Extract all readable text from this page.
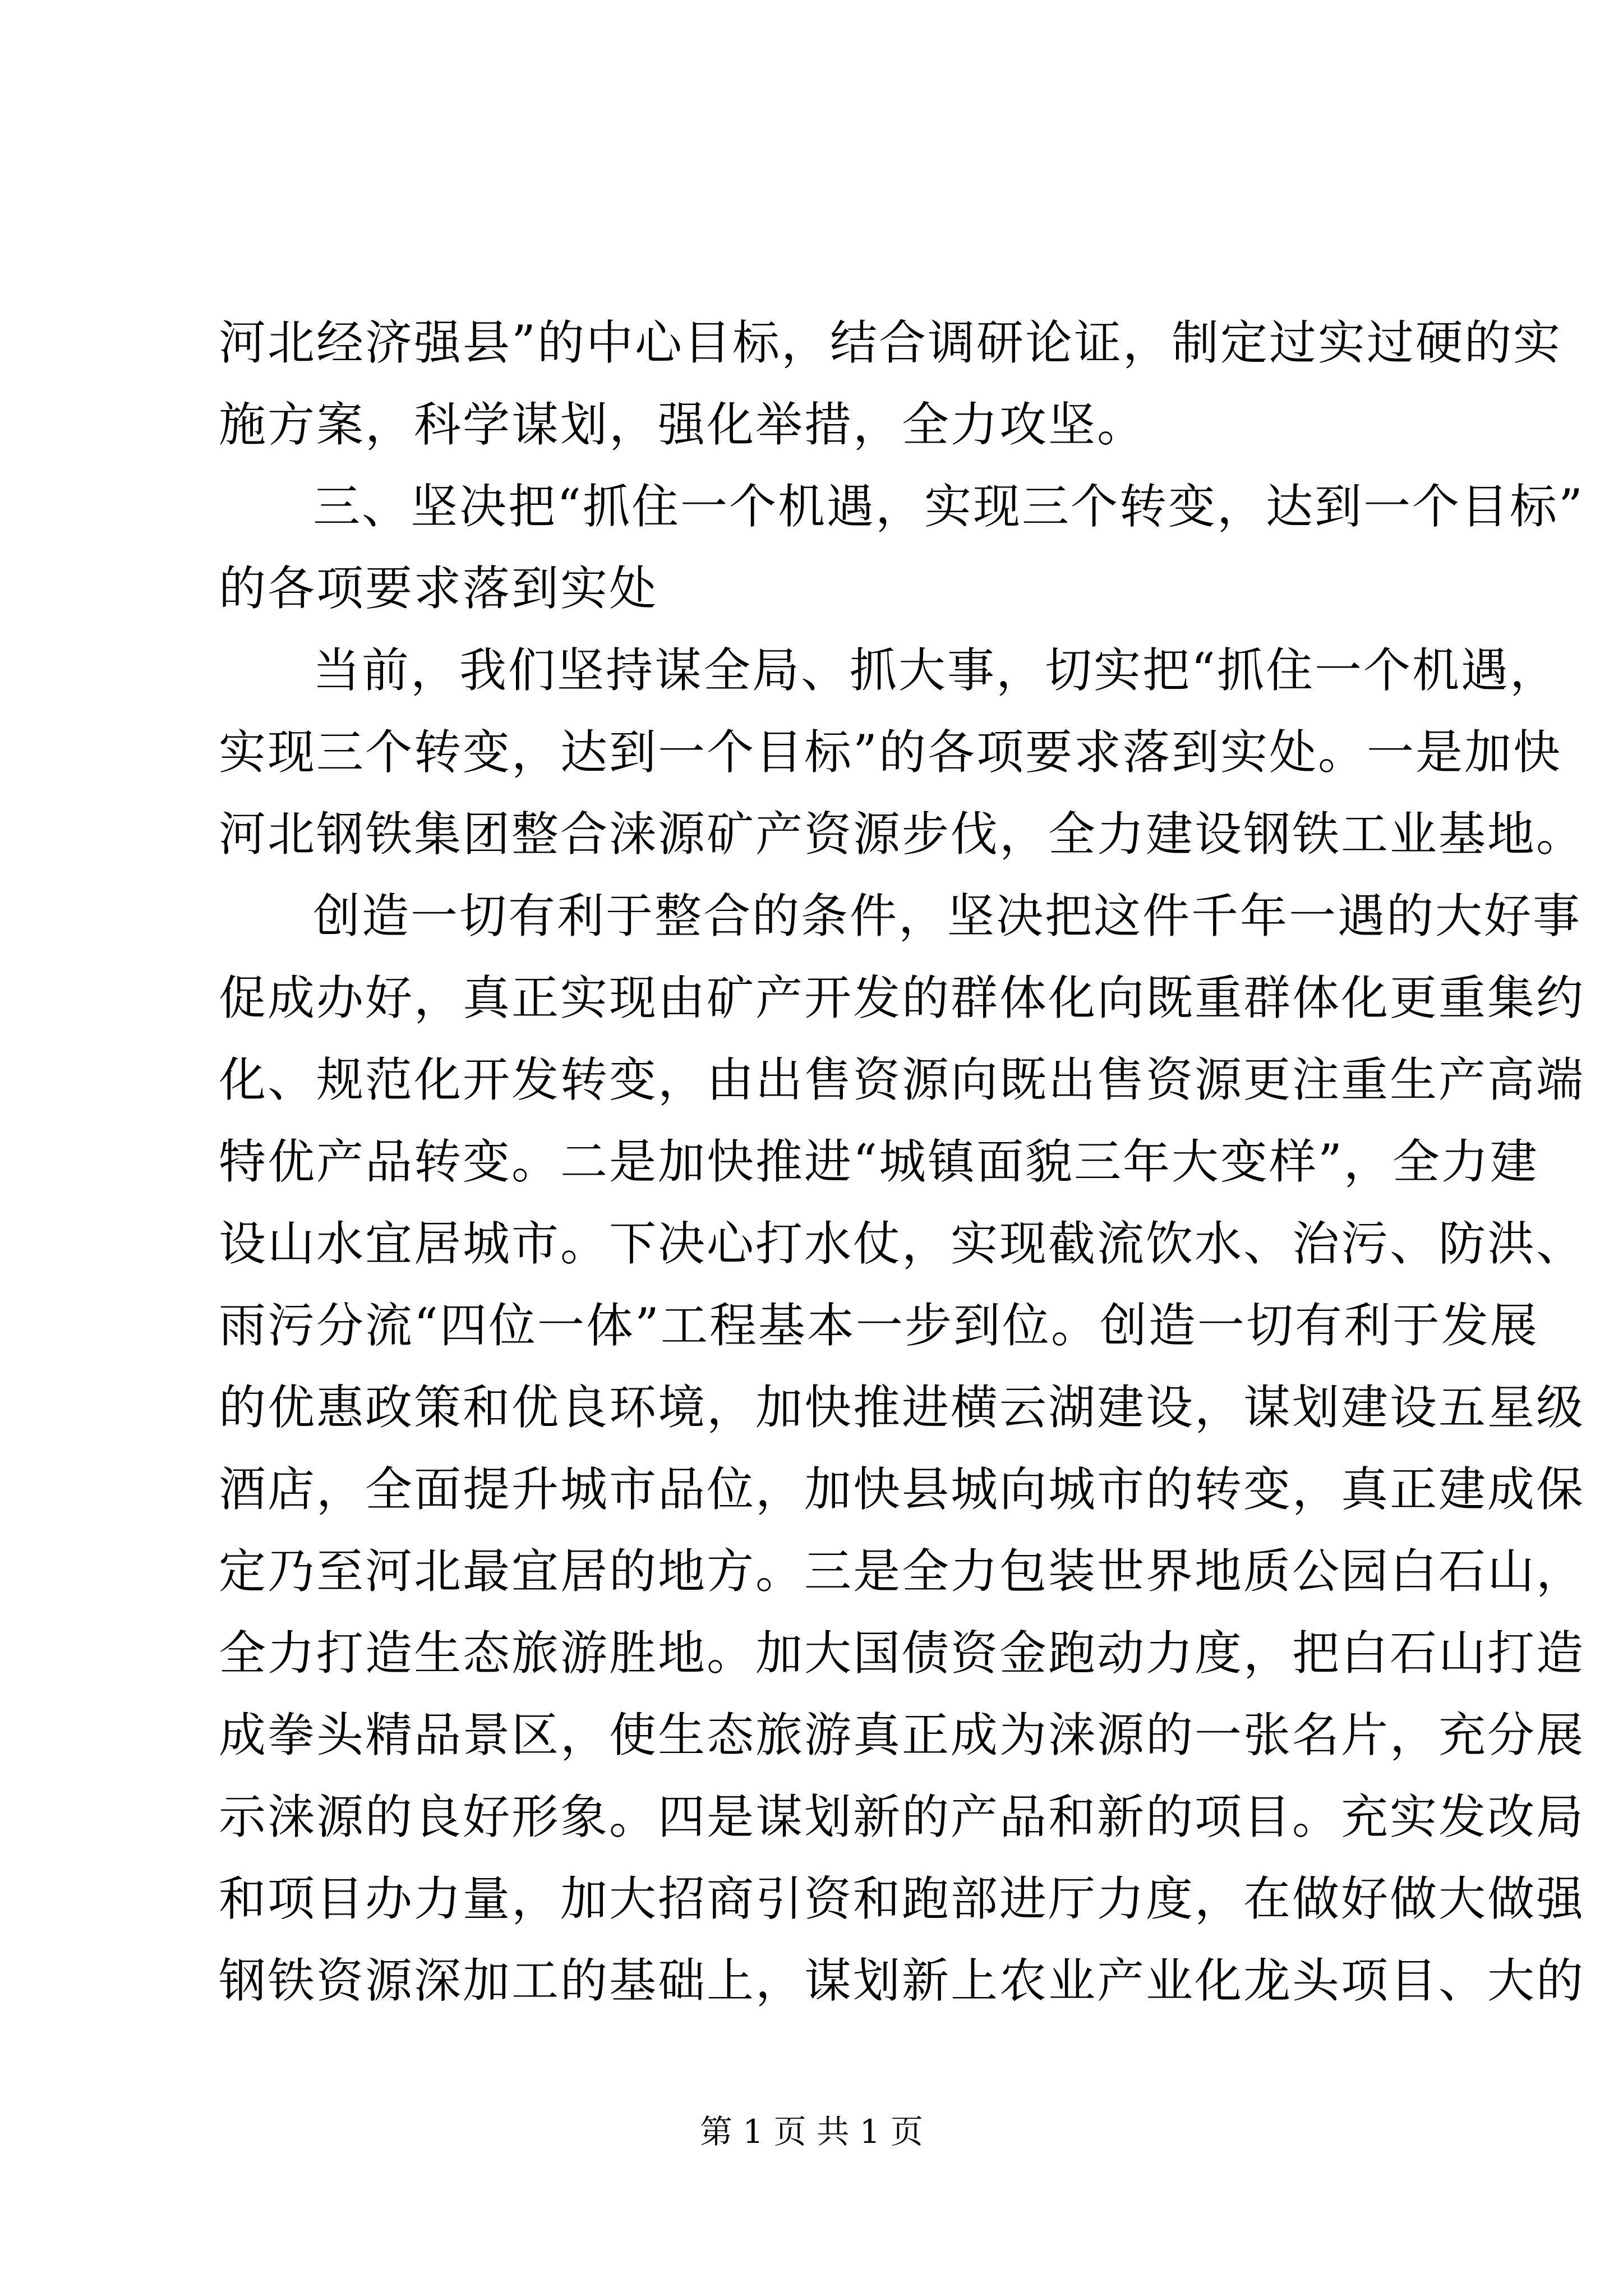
河北经济强县”的中心目标，结合调研论证，制定过实过硬的实
施方案，科学谋划，强化举措，全力攻坚。
三、坚决把“抓住一个机遇，实现三个转变，达到一个目标”
的各项要求落到实处
当前，我们坚持谋全局、抓大事，切实把“抓住一个机遇，
实现三个转变，达到一个目标”的各项要求落到实处。一是加快
河北钢铁集团整合涞源矿产资源步伐，全力建设钢铁工业基地。
创造一切有利于整合的条件，坚决把这件千年一遇的大好事
促成办好，真正实现由矿产开发的群体化向既重群体化更重集约
化、规范化开发转变，由出售资源向既出售资源更注重生产高端
特优产品转变。二是加快推进“城镇面貌三年大变样”，全力建
设山水宜居城市。下决心打水仗，实现截流饮水、治污、防洪、
雨污分流“四位一体”工程基本一步到位。创造一切有利于发展
的优惠政策和优良环境，加快推进横云湖建设，谋划建设五星级
酒店，全面提升城市品位，加快县城向城市的转变，真正建成保
定乃至河北最宜居的地方。三是全力包装世界地质公园白石山，
全力打造生态旅游胜地。加大国债资金跑动力度，把白石山打造
成拳头精品景区，使生态旅游真正成为涞源的一张名片，充分展
示涞源的良好形象。四是谋划新的产品和新的项目。充实发改局
和项目办力量，加大招商引资和跑部进厅力度，在做好做大做强
钢铁资源深加工的基础上，谋划新上农业产业化龙头项目、大的
第 1 页 共 1 页
